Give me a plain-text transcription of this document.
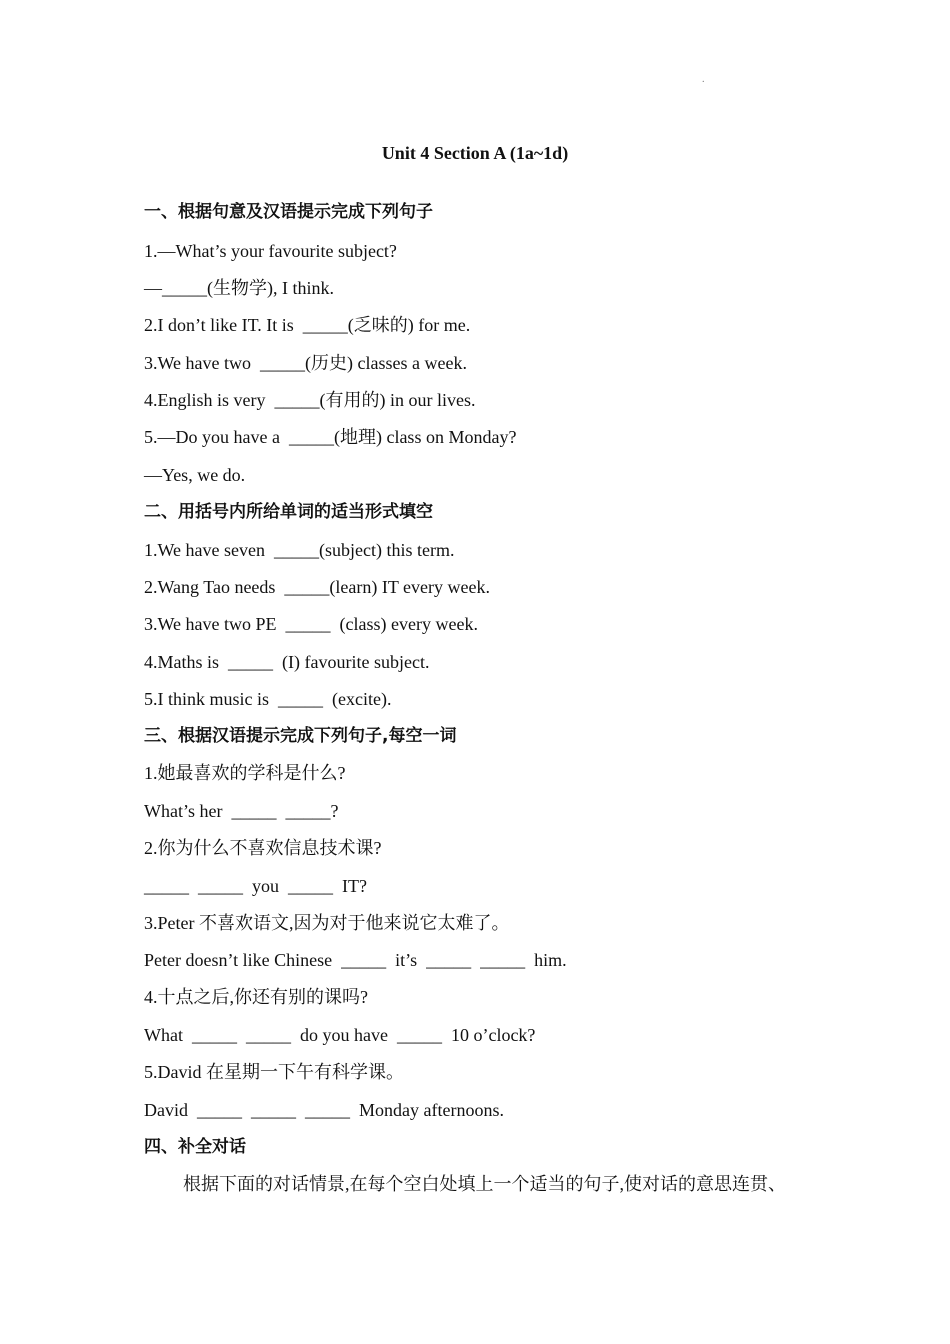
.
Unit 4 Section A (1a~1d)
一、根据句意及汉语提示完成下列句子
1.—What’s your favourite subject?
—_____(生物学), I think.
2.I don’t like IT. It is  _____(乏味的) for me.
3.We have two  _____(历史) classes a week.
4.English is very  _____(有用的) in our lives.
5.—Do you have a  _____(地理) class on Monday?
—Yes, we do.
二、用括号内所给单词的适当形式填空
1.We have seven  _____(subject) this term.
2.Wang Tao needs  _____(learn) IT every week.
3.We have two PE  _____  (class) every week.
4.Maths is  _____  (I) favourite subject.
5.I think music is  _____  (excite).
三、根据汉语提示完成下列句子,每空一词
1.她最喜欢的学科是什么?
What’s her  _____  _____?
2.你为什么不喜欢信息技术课?
_____  _____  you  _____  IT?
3.Peter 不喜欢语文,因为对于他来说它太难了。
Peter doesn’t like Chinese  _____  it’s  _____  _____  him.
4.十点之后,你还有别的课吗?
What  _____  _____  do you have  _____  10 o’clock?
5.David 在星期一下午有科学课。
David  _____  _____  _____  Monday afternoons.
四、补全对话
根据下面的对话情景,在每个空白处填上一个适当的句子,使对话的意思连贯、
